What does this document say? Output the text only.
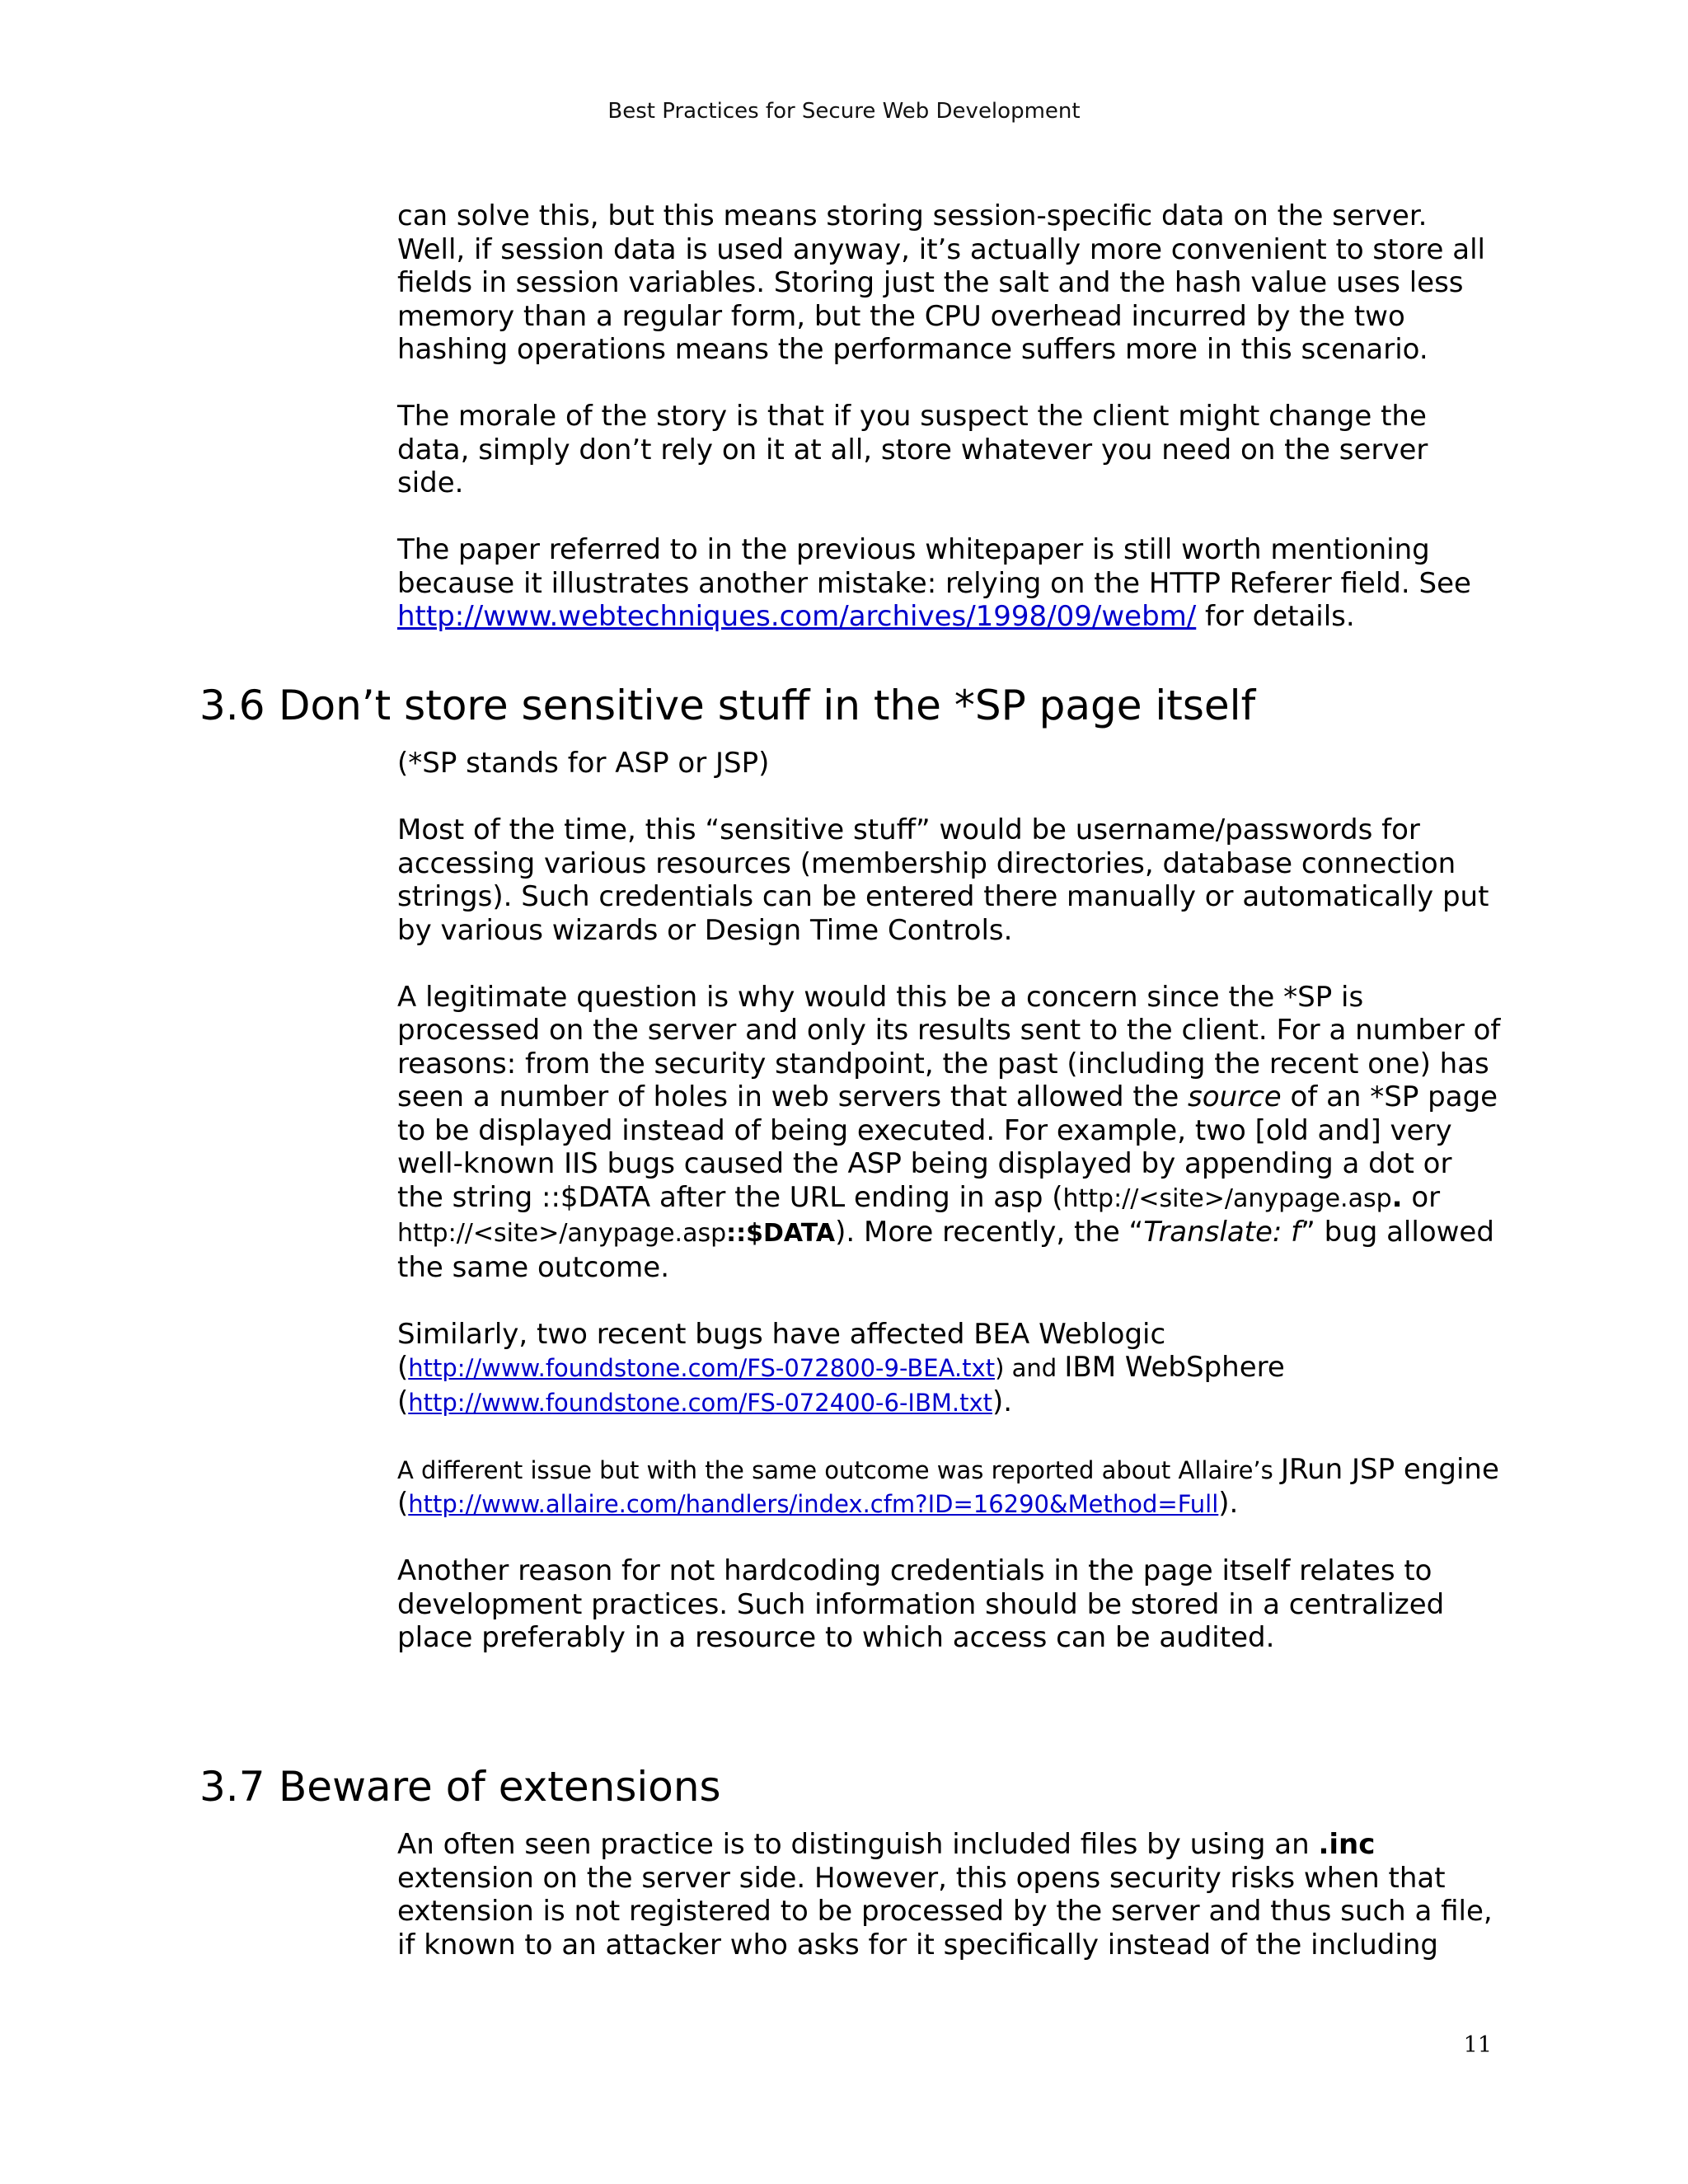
Best Practices for Secure Web Development

can solve this, but this means storing session-specific data on the server. Well, if session data is used anyway, it’s actually more convenient to store all fields in session variables. Storing just the salt and the hash value uses less memory than a regular form, but the CPU overhead incurred by the two hashing operations means the performance suffers more in this scenario.

The morale of the story is that if you suspect the client might change the data, simply don’t rely on it at all, store whatever you need on the server side.

The paper referred to in the previous whitepaper is still worth mentioning because it illustrates another mistake: relying on the HTTP Referer field. See http://www.webtechniques.com/archives/1998/09/webm/ for details.

3.6 Don’t store sensitive stuff in the *SP page itself

(*SP stands for ASP or JSP)

Most of the time, this “sensitive stuff” would be username/passwords for accessing various resources (membership directories, database connection strings). Such credentials can be entered there manually or automatically put by various wizards or Design Time Controls.

A legitimate question is why would this be a concern since the *SP is processed on the server and only its results sent to the client. For a number of reasons: from the security standpoint, the past (including the recent one) has seen a number of holes in web servers that allowed the source of an *SP page to be displayed instead of being executed. For example, two [old and] very well-known IIS bugs caused the ASP being displayed by appending a dot or the string ::$DATA after the URL ending in asp (http://<site>/anypage.asp. or http://<site>/anypage.asp::$DATA). More recently, the “Translate: f” bug allowed the same outcome.

Similarly, two recent bugs have affected BEA Weblogic (http://www.foundstone.com/FS-072800-9-BEA.txt) and IBM WebSphere (http://www.foundstone.com/FS-072400-6-IBM.txt).

A different issue but with the same outcome was reported about Allaire’s JRun JSP engine (http://www.allaire.com/handlers/index.cfm?ID=16290&Method=Full).

Another reason for not hardcoding credentials in the page itself relates to development practices. Such information should be stored in a centralized place preferably in a resource to which access can be audited.

3.7 Beware of extensions

An often seen practice is to distinguish included files by using an .inc extension on the server side. However, this opens security risks when that extension is not registered to be processed by the server and thus such a file, if known to an attacker who asks for it specifically instead of the including

11
